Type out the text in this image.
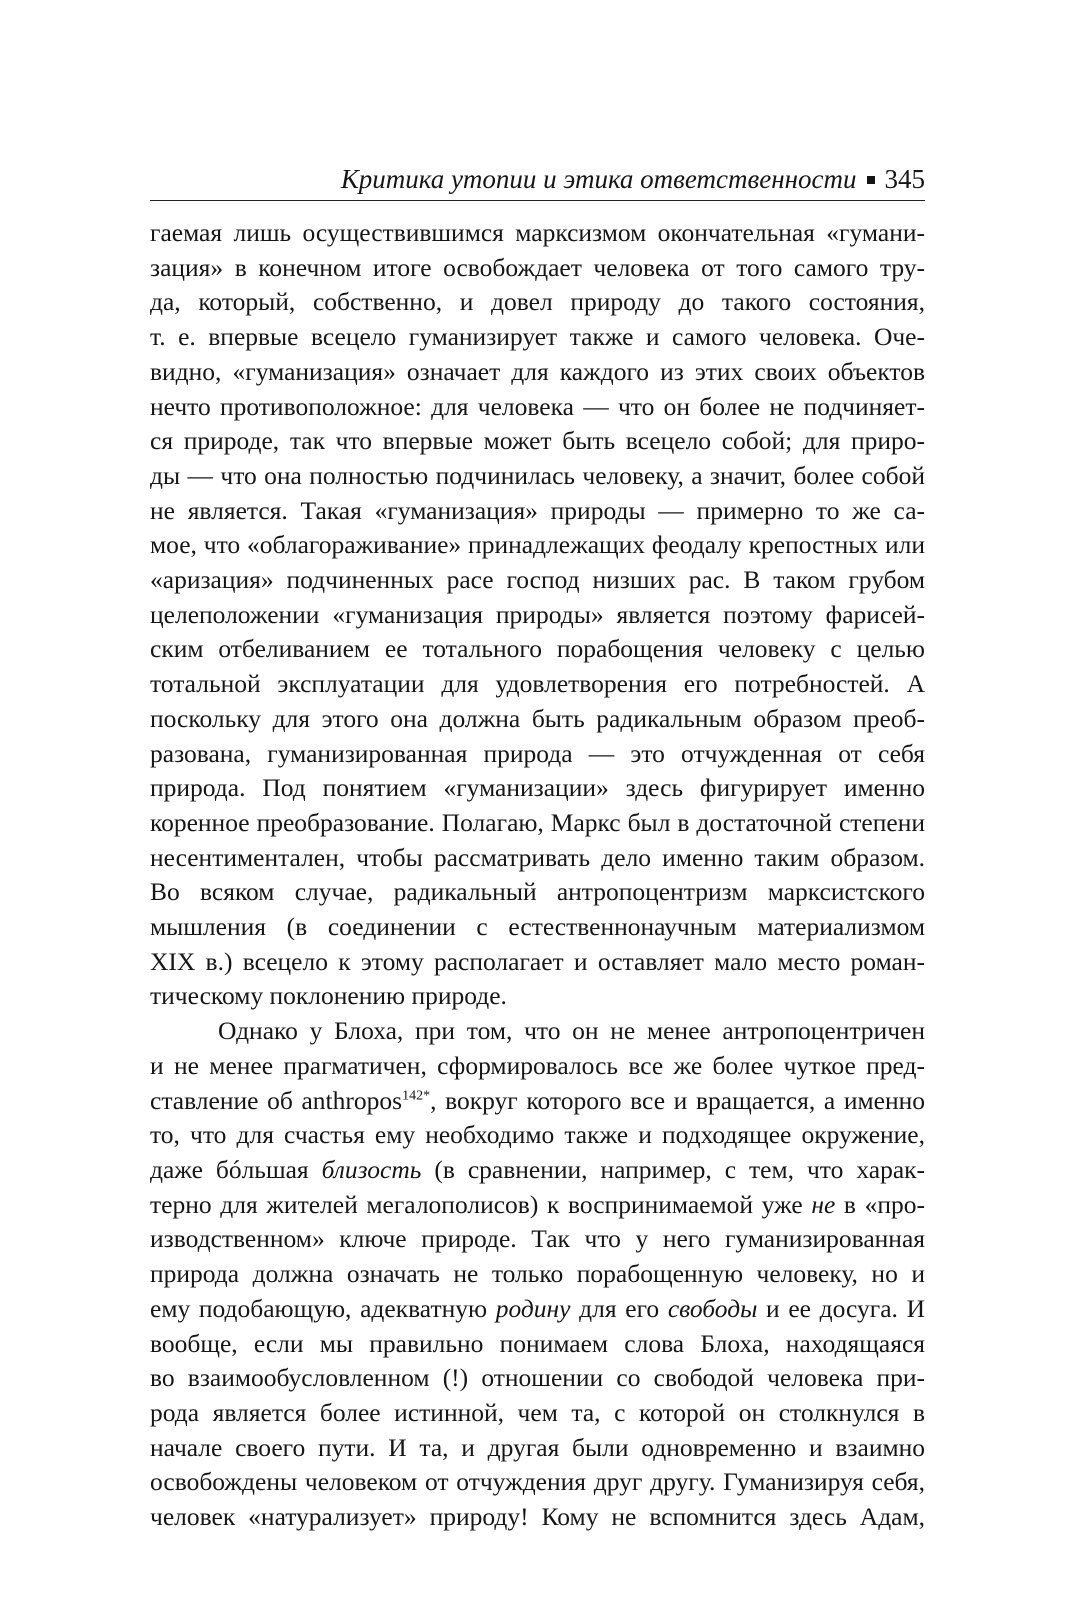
Критика утопии и этика ответственности 345
гаемая лишь осуществившимся марксизмом окончательная «гумани-
зация» в конечном итоге освобождает человека от того самого тру-
да, который, собственно, и довел природу до такого состояния,
т. е. впервые всецело гуманизирует также и самого человека. Оче-
видно, «гуманизация» означает для каждого из этих своих объектов
нечто противоположное: для человека — что он более не подчиняет-
ся природе, так что впервые может быть всецело собой; для приро-
ды — что она полностью подчинилась человеку, а значит, более собой
не является. Такая «гуманизация» природы — примерно то же са-
мое, что «облагораживание» принадлежащих феодалу крепостных или
«аризация» подчиненных расе господ низших рас. В таком грубом
целеположении «гуманизация природы» является поэтому фарисей-
ским отбеливанием ее тотального порабощения человеку с целью
тотальной эксплуатации для удовлетворения его потребностей. А
поскольку для этого она должна быть радикальным образом преоб-
разована, гуманизированная природа — это отчужденная от себя
природа. Под понятием «гуманизации» здесь фигурирует именно
коренное преобразование. Полагаю, Маркс был в достаточной степени
несентиментален, чтобы рассматривать дело именно таким образом.
Во всяком случае, радикальный антропоцентризм марксистского
мышления (в соединении с естественнонаучным материализмом
XIX в.) всецело к этому располагает и оставляет мало место роман-
тическому поклонению природе.
Однако у Блоха, при том, что он не менее антропоцентричен
и не менее прагматичен, сформировалось все же более чуткое пред-
ставление об anthropos$^{142*}$, вокруг которого все и вращается, а именно
то, что для счастья ему необходимо также и подходящее окружение,
даже бóльшая близость (в сравнении, например, с тем, что харак-
терно для жителей мегалополисов) к воспринимаемой уже не в «про-
изводственном» ключе природе. Так что у него гуманизированная
природа должна означать не только порабощенную человеку, но и
ему подобающую, адекватную родину для его свободы и ее досуга. И
вообще, если мы правильно понимаем слова Блоха, находящаяся
во взаимообусловленном (!) отношении со свободой человека при-
рода является более истинной, чем та, с которой он столкнулся в
начале своего пути. И та, и другая были одновременно и взаимно
освобождены человеком от отчуждения друг другу. Гуманизируя себя,
человек «натурализует» природу! Кому не вспомнится здесь Адам,
